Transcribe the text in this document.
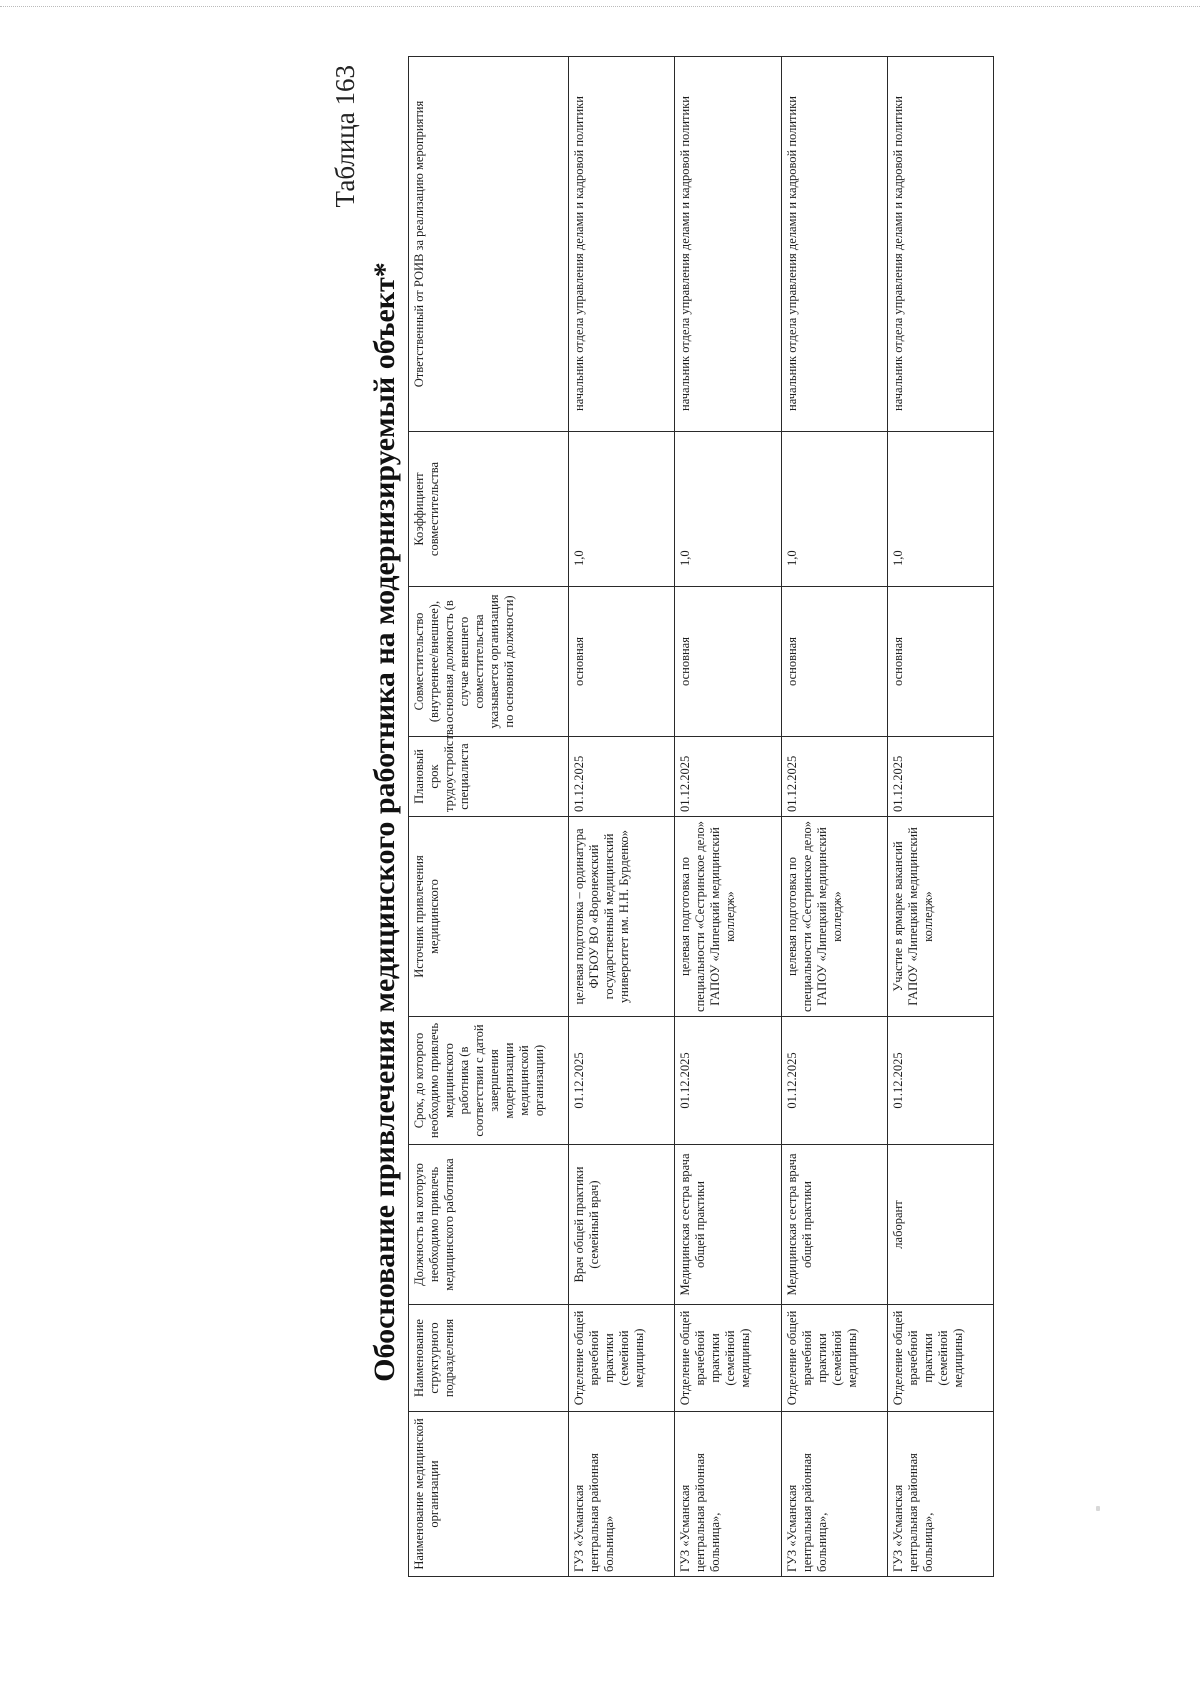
Таблица 163
Обоснование привлечения медицинского работника на модернизируемый объект*
Наименование медицинской организации	Наименование структурного подразделения	Должность на которую необходимо привлечь медицинского работника	Срок, до которого необходимо привлечь медицинского работника (в соответствии с датой завершения модернизации медицинской организации)	Источник привлечения медицинского	Плановый срок трудоустройства специалиста	Совместительство (внутреннее/внешнее), основная должность (в случае внешнего совместительства указывается организация по основной должности)	Коэффициент совместительства	Ответственный от РОИВ за реализацию мероприятия
ГУЗ «Усманская центральная районная больница»	Отделение общей врачебной практики (семейной медицины)	Врач общей практики (семейный врач)	01.12.2025	целевая подготовка – ординатура ФГБОУ ВО «Воронежский государственный медицинский университет им. Н.Н. Бурденко»	01.12.2025	основная	1,0	начальник отдела управления делами и кадровой политики
ГУЗ «Усманская центральная районная больница»,	Отделение общей врачебной практики (семейной медицины)	Медицинская сестра врача общей практики	01.12.2025	целевая подготовка по специальности «Сестринское дело» ГАПОУ «Липецкий медицинский колледж»	01.12.2025	основная	1,0	начальник отдела управления делами и кадровой политики
ГУЗ «Усманская центральная районная больница»,	Отделение общей врачебной практики (семейной медицины)	Медицинская сестра врача общей практики	01.12.2025	целевая подготовка по специальности «Сестринское дело» ГАПОУ «Липецкий медицинский колледж»	01.12.2025	основная	1,0	начальник отдела управления делами и кадровой политики
ГУЗ «Усманская центральная районная больница»,	Отделение общей врачебной практики (семейной медицины)	лаборант	01.12.2025	Участие в ярмарке вакансий ГАПОУ «Липецкий медицинский колледж»	01.12.2025	основная	1,0	начальник отдела управления делами и кадровой политики
